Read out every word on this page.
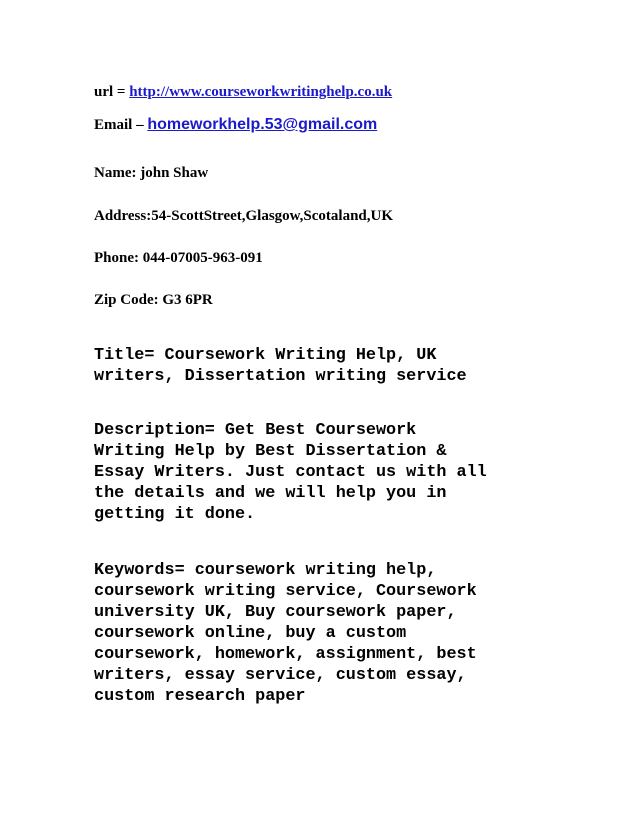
url = http://www.courseworkwritinghelp.co.uk

Email – homeworkhelp.53@gmail.com

Name: john Shaw

Address:54-ScottStreet,Glasgow,Scotaland,UK

Phone: 044-07005-963-091

Zip Code: G3 6PR

Title= Coursework Writing Help, UK
writers, Dissertation writing service

Description= Get Best Coursework
Writing Help by Best Dissertation &
Essay Writers. Just contact us with all
the details and we will help you in
getting it done.

Keywords= coursework writing help,
coursework writing service, Coursework
university UK, Buy coursework paper,
coursework online, buy a custom
coursework, homework, assignment, best
writers, essay service, custom essay,
custom research paper
